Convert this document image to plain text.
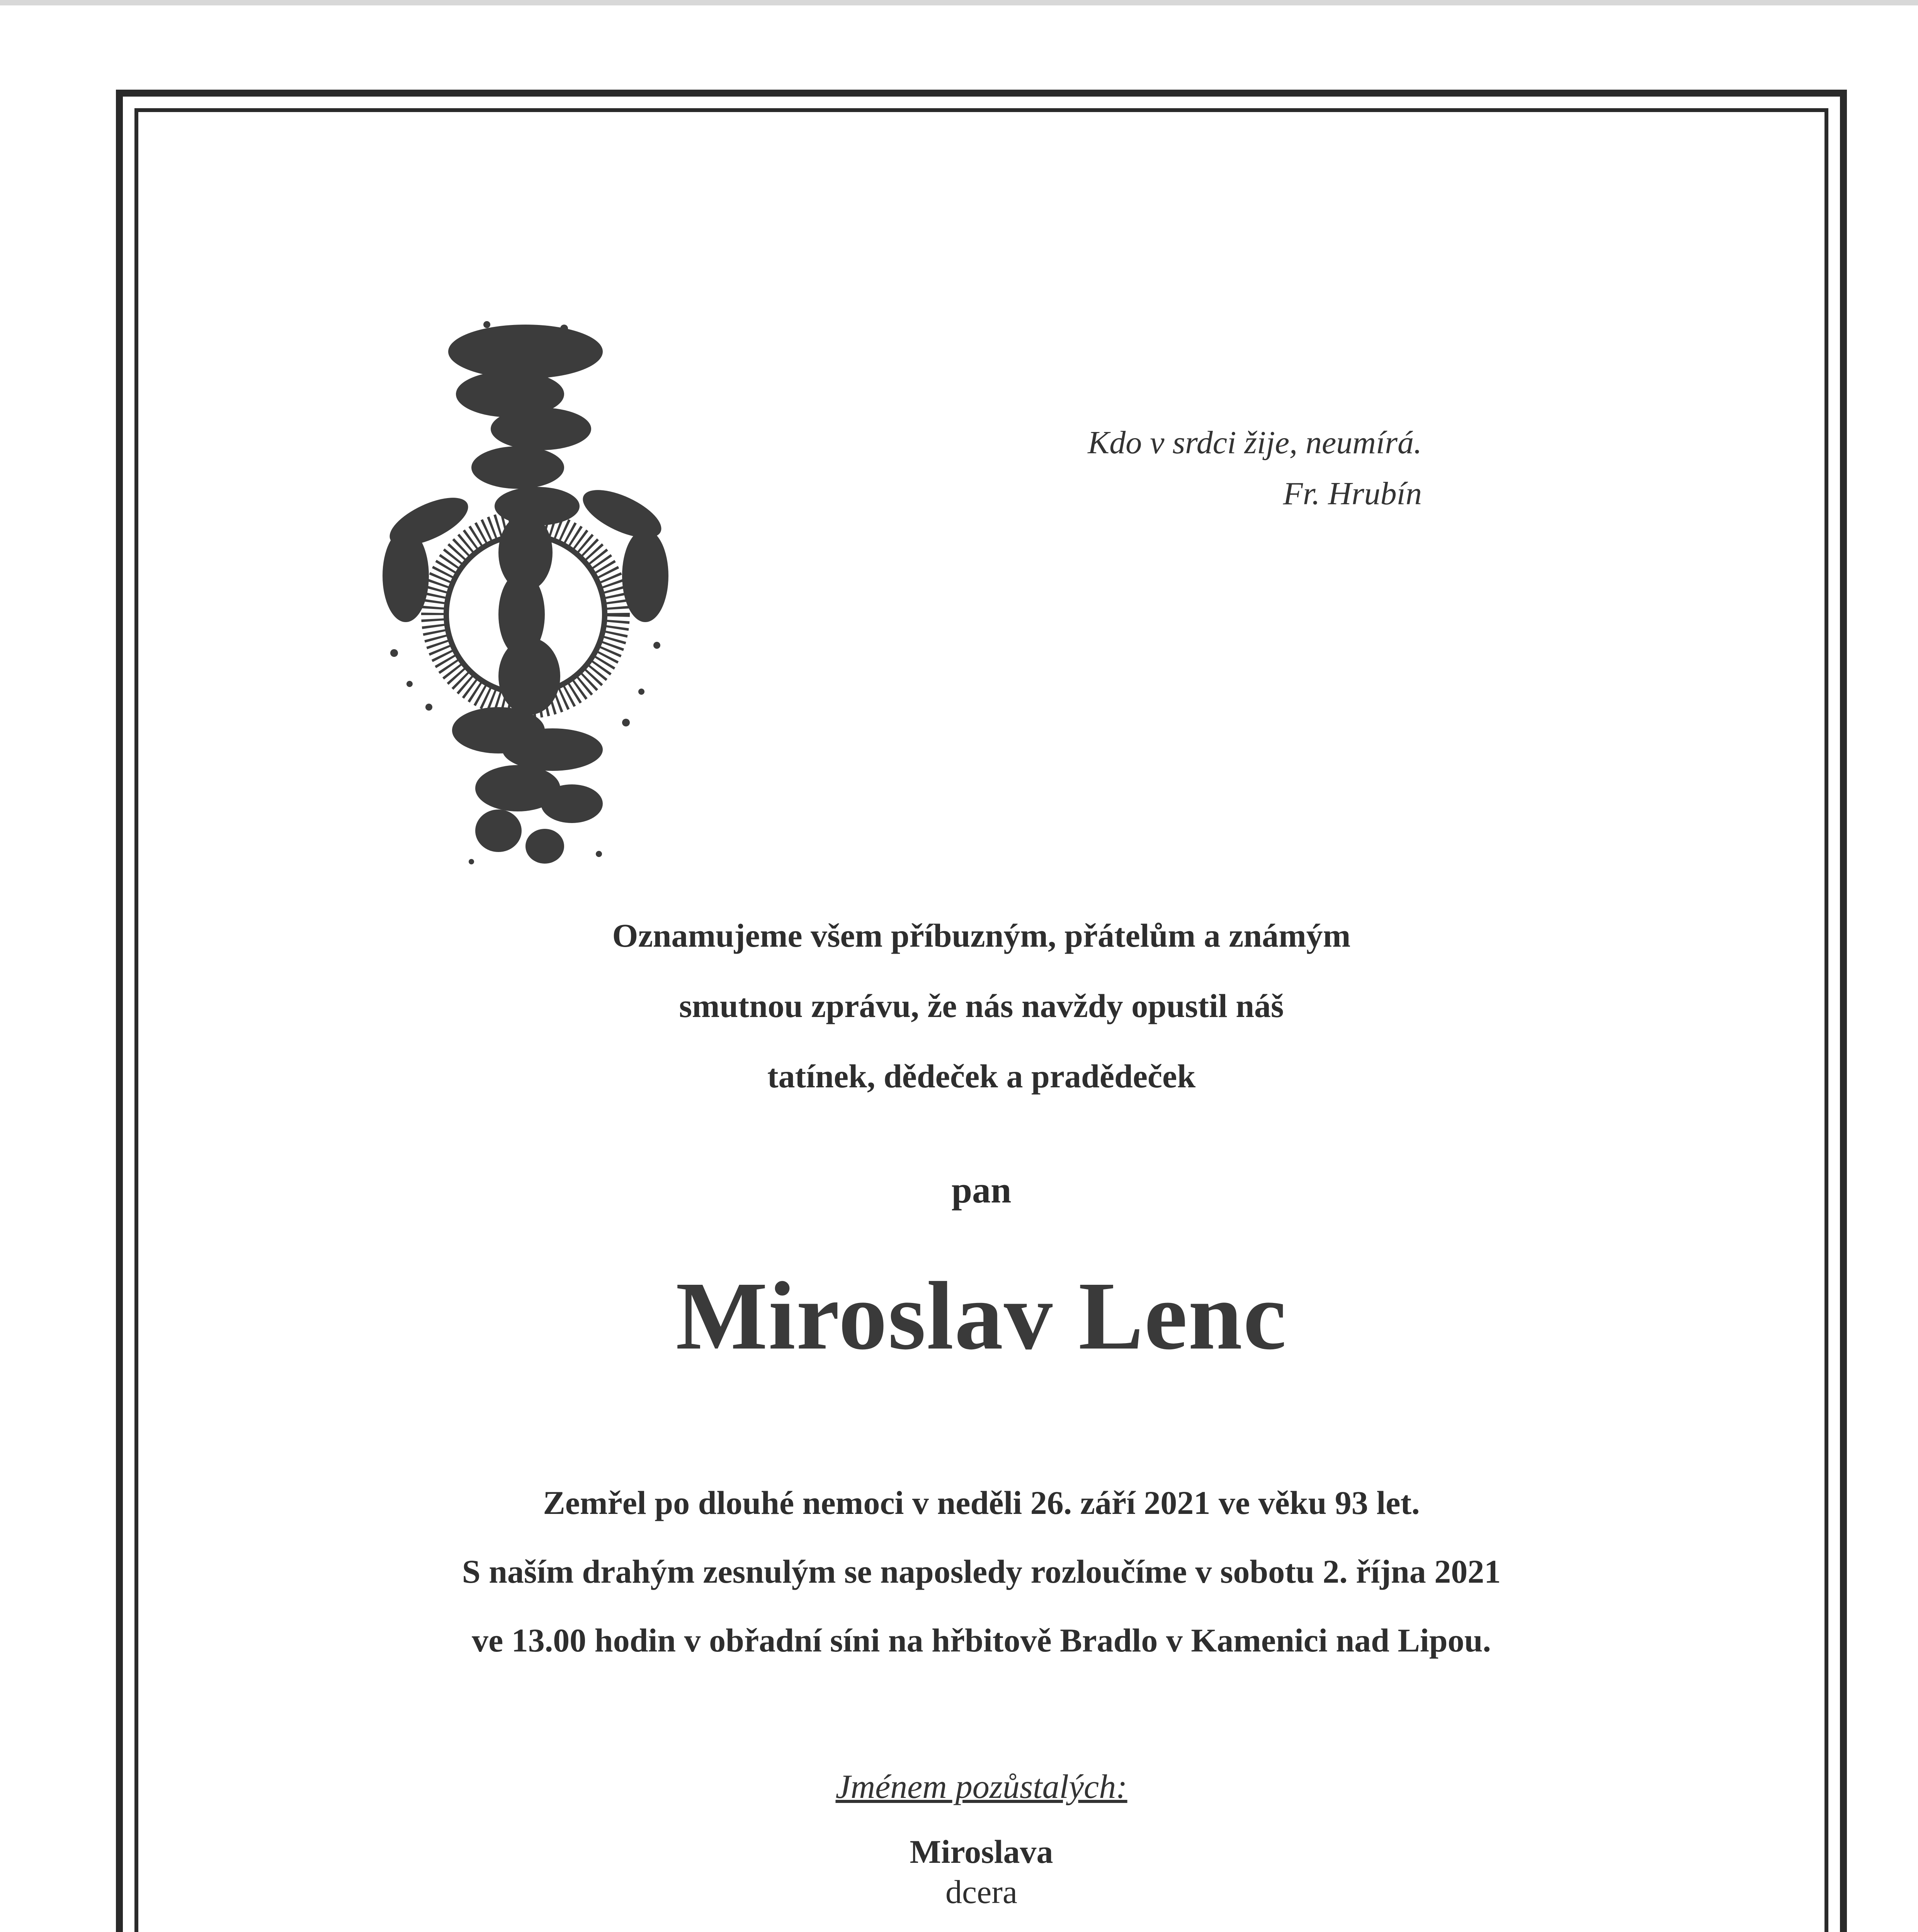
Kdo v srdci žije, neumírá.
Fr. Hrubín
Oznamujeme všem příbuzným, přátelům a známým
smutnou zprávu, že nás navždy opustil náš
tatínek, dědeček a pradědeček
pan
Miroslav Lenc
Zemřel po dlouhé nemoci v neděli 26. září 2021 ve věku 93 let.
S naším drahým zesnulým se naposledy rozloučíme v sobotu 2. října 2021
ve 13.00 hodin v obřadní síni na hřbitově Bradlo v Kamenici nad Lipou.
Jménem pozůstalých:
Miroslava
dcera
